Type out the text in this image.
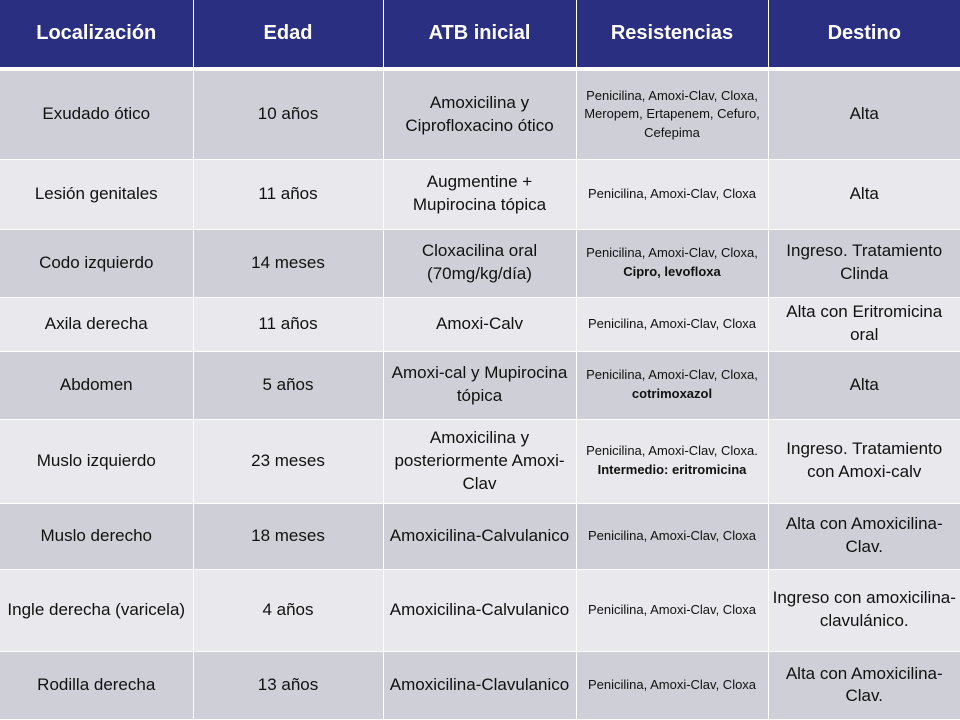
Localización	Edad	ATB inicial	Resistencias	Destino
Exudado ótico	10 años	Amoxicilina y Ciprofloxacino ótico	Penicilina, Amoxi-Clav, Cloxa, Meropem, Ertapenem, Cefuro, Cefepima	Alta
Lesión genitales	11 años	Augmentine + Mupirocina tópica	Penicilina, Amoxi-Clav, Cloxa	Alta
Codo izquierdo	14 meses	Cloxacilina oral (70mg/kg/día)	Penicilina, Amoxi-Clav, Cloxa, Cipro, levofloxa	Ingreso. Tratamiento Clinda
Axila derecha	11 años	Amoxi-Calv	Penicilina, Amoxi-Clav, Cloxa	Alta con Eritromicina oral
Abdomen	5 años	Amoxi-cal y Mupirocina tópica	Penicilina, Amoxi-Clav, Cloxa, cotrimoxazol	Alta
Muslo izquierdo	23 meses	Amoxicilina y posteriormente Amoxi-Clav	Penicilina, Amoxi-Clav, Cloxa. Intermedio: eritromicina	Ingreso. Tratamiento con Amoxi-calv
Muslo derecho	18 meses	Amoxicilina-Calvulanico	Penicilina, Amoxi-Clav, Cloxa	Alta con Amoxicilina- Clav.
Ingle derecha (varicela)	4 años	Amoxicilina-Calvulanico	Penicilina, Amoxi-Clav, Cloxa	Ingreso con amoxicilina-clavulánico.
Rodilla derecha	13 años	Amoxicilina-Clavulanico	Penicilina, Amoxi-Clav, Cloxa	Alta con Amoxicilina- Clav.
